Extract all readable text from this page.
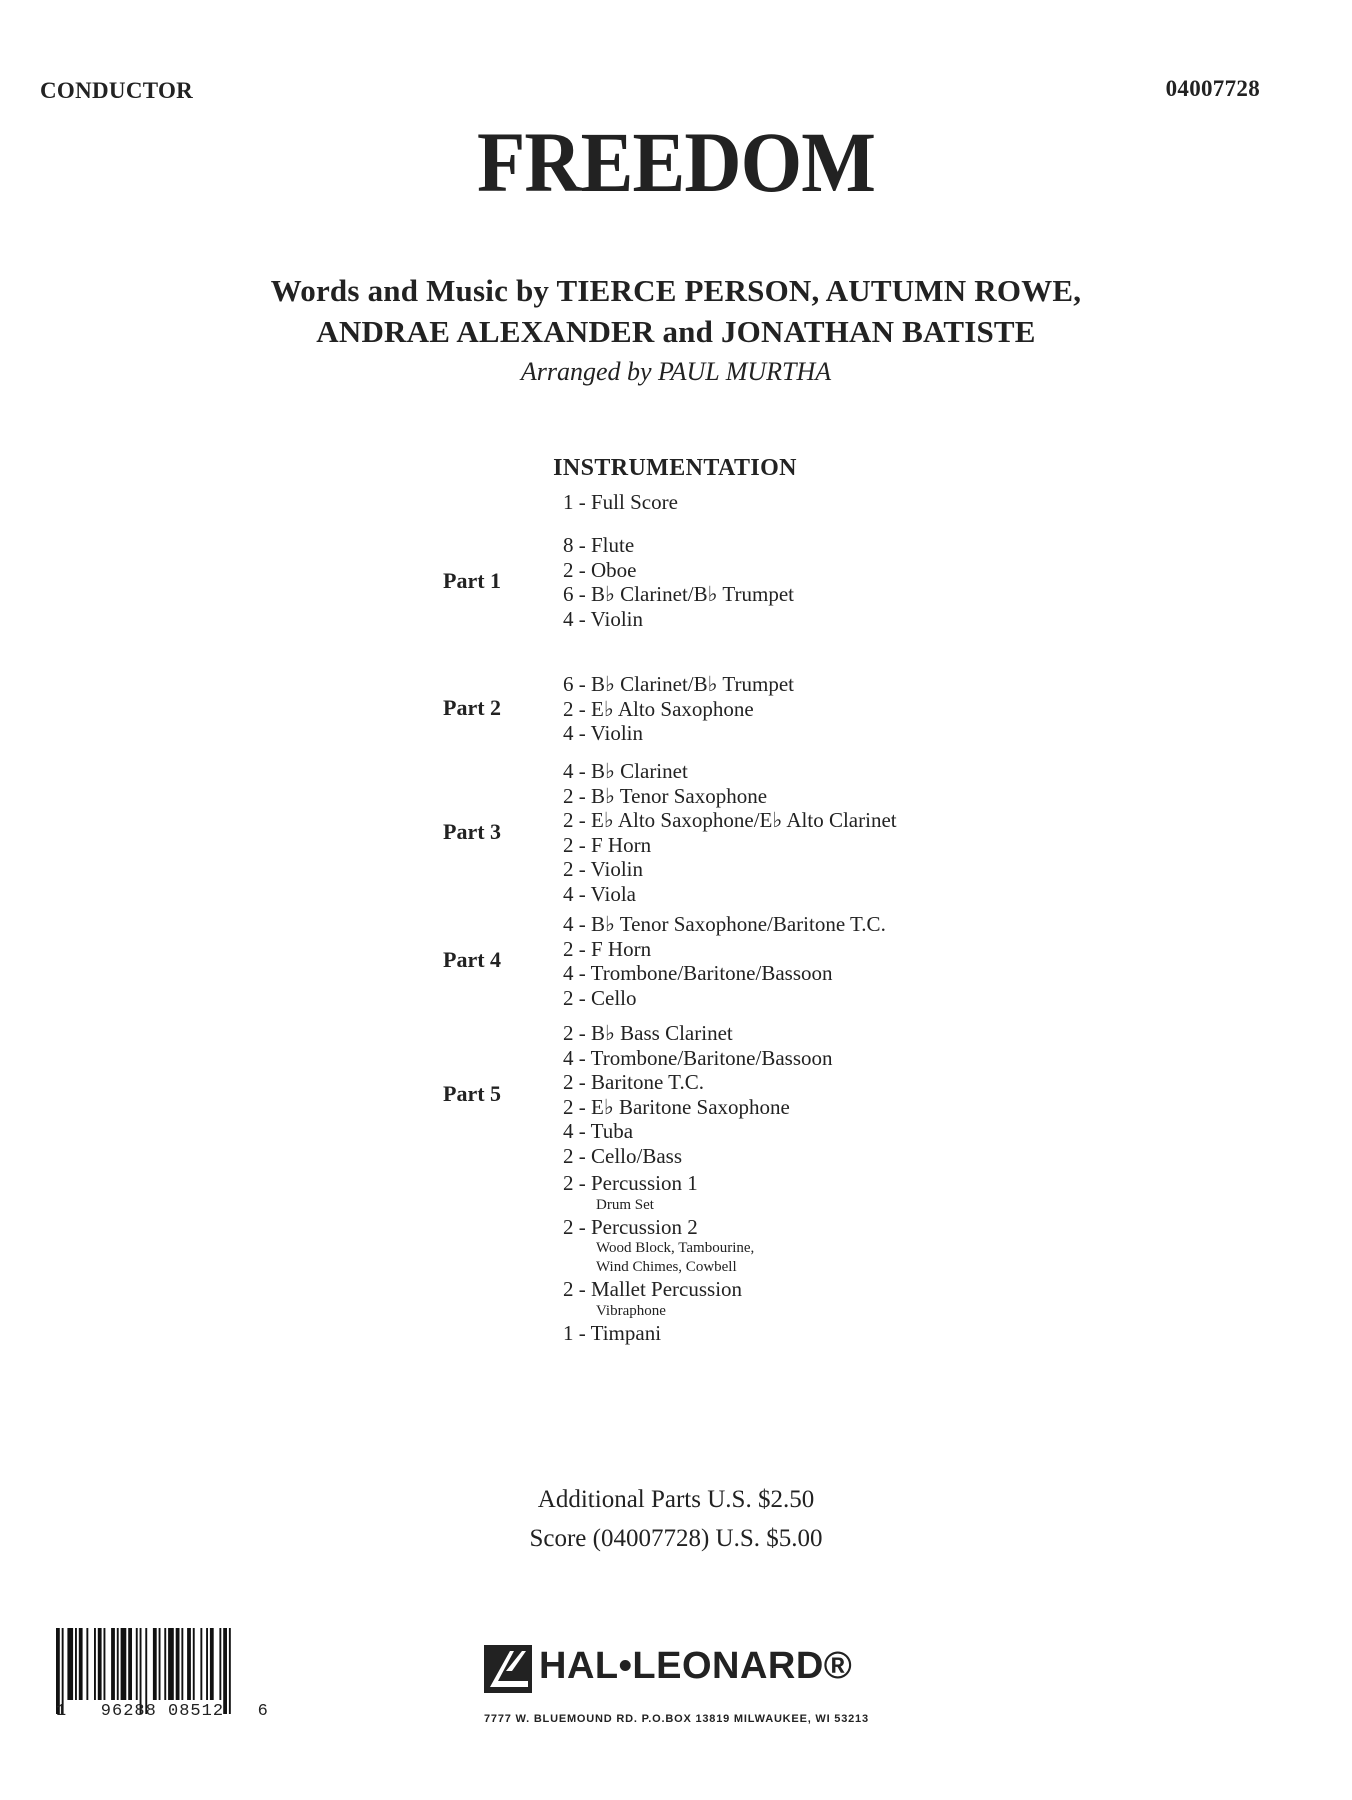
CONDUCTOR	04007728
FREEDOM
Words and Music by TIERCE PERSON, AUTUMN ROWE,
ANDRAE ALEXANDER and JONATHAN BATISTE
Arranged by PAUL MURTHA
INSTRUMENTATION
1 - Full Score
8 - Flute
2 - Oboe
6 - B♭ Clarinet/B♭ Trumpet
4 - Violin
Part 1
6 - B♭ Clarinet/B♭ Trumpet
2 - E♭ Alto Saxophone
4 - Violin
Part 2
4 - B♭ Clarinet
2 - B♭ Tenor Saxophone
2 - E♭ Alto Saxophone/E♭ Alto Clarinet
2 - F Horn
2 - Violin
4 - Viola
Part 3
4 - B♭ Tenor Saxophone/Baritone T.C.
2 - F Horn
4 - Trombone/Baritone/Bassoon
2 - Cello
Part 4
2 - B♭ Bass Clarinet
4 - Trombone/Baritone/Bassoon
2 - Baritone T.C.
2 - E♭ Baritone Saxophone
4 - Tuba
2 - Cello/Bass
Part 5
2 - Percussion 1
Drum Set
2 - Percussion 2
Wood Block, Tambourine,
Wind Chimes, Cowbell
2 - Mallet Percussion
Vibraphone
1 - Timpani
Additional Parts U.S. $2.50
Score (04007728) U.S. $5.00
1   96288 08512   6
HAL•LEONARD®
7777 W. BLUEMOUND RD. P.O.BOX 13819 MILWAUKEE, WI 53213
